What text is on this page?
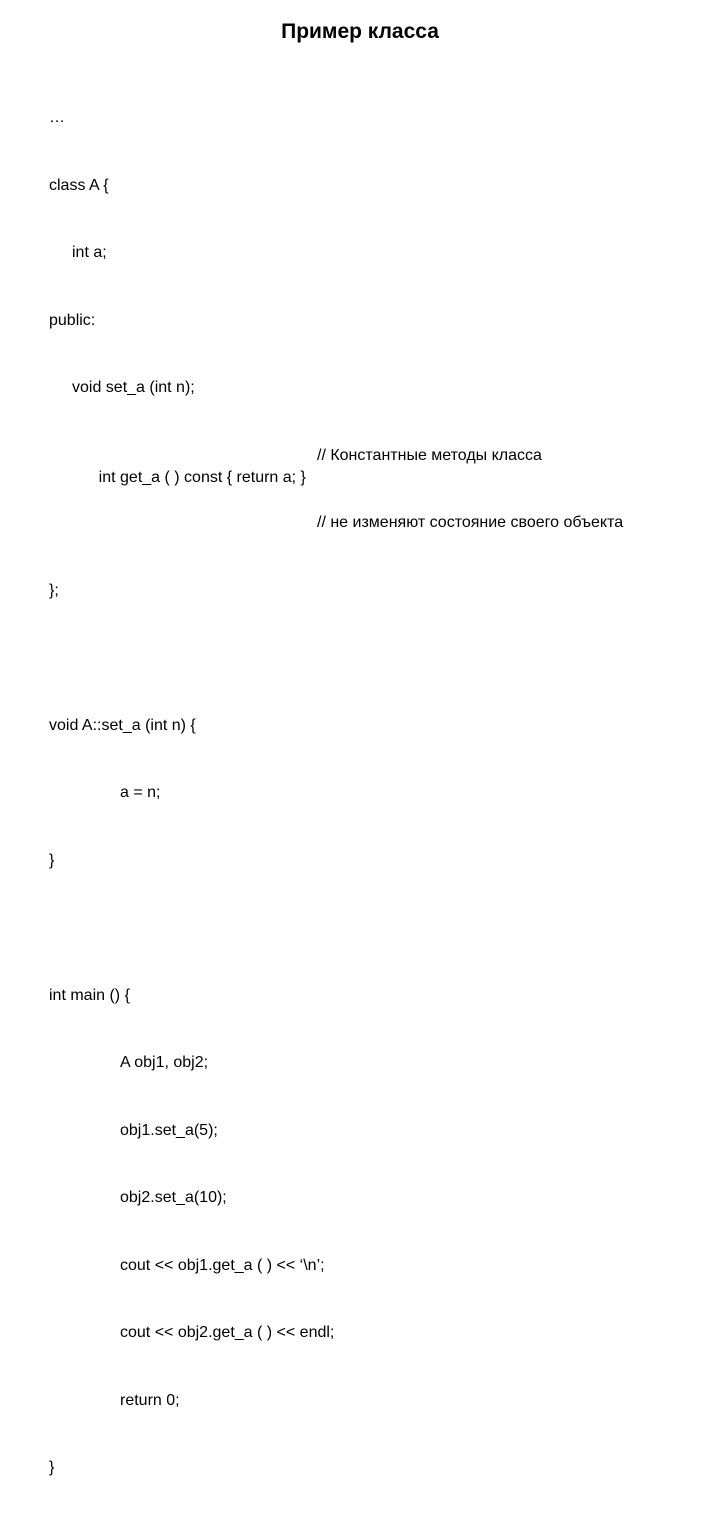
Пример класса

…

class A {

int a;

public:

void set_a (int n);

int get_a ( ) const { return a; }

// Константные методы класса

// не изменяют состояние своего объекта

};

void A::set_a (int n) {

a = n;

}

int main () {

A obj1, obj2;

obj1.set_a(5);

obj2.set_a(10);

cout << obj1.get_a ( ) << ‘\n’;

cout << obj2.get_a ( ) << endl;

return 0;

}
